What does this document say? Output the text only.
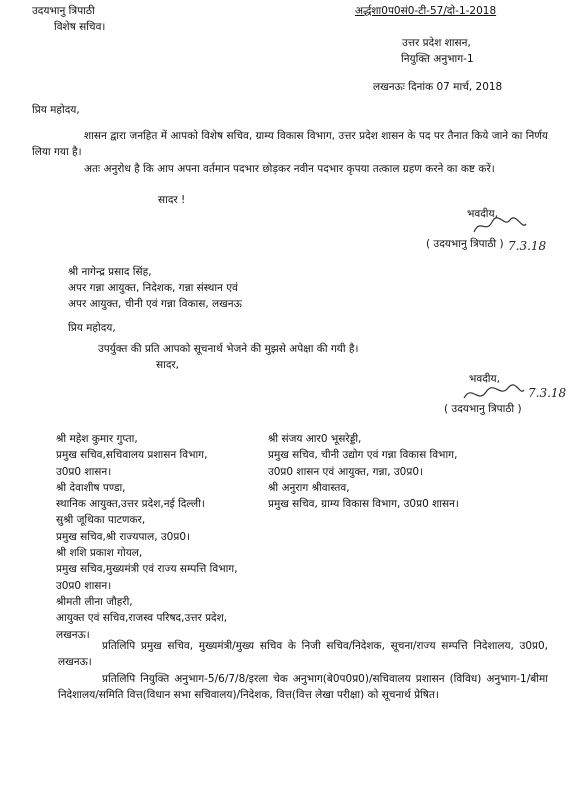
उदयभानु त्रिपाठी
विशेष सचिव।
अर्द्धशा0प0सं0-टी-57/दो-1-2018
उत्तर प्रदेश शासन,
नियुक्ति अनुभाग-1
लखनऊः दिनांक 07 मार्च, 2018
प्रिय महोदय,
शासन द्वारा जनहित में आपको विशेष सचिव, ग्राम्य विकास विभाग, उत्तर प्रदेश शासन के पद पर तैनात किये जाने का निर्णय लिया गया है।
अतः अनुरोध है कि आप अपना वर्तमान पदभार छोड़कर नवीन पदभार कृपया तत्काल ग्रहण करने का कष्ट करें।
सादर !
भवदीय,
( उदयभानु त्रिपाठी ) 7.3.18
श्री नागेन्द्र प्रसाद सिंह,
अपर गन्ना आयुक्त, निदेशक, गन्ना संस्थान एवं
अपर आयुक्त, चीनी एवं गन्ना विकास, लखनऊ
प्रिय महोदय,
उपर्युक्त की प्रति आपको सूचनार्थ भेजने की मुझसे अपेक्षा की गयी है।
सादर,
भवदीय,
( उदयभानु त्रिपाठी )
7.3.18
श्री महेश कुमार गुप्ता,
प्रमुख सचिव,सचिवालय प्रशासन विभाग,
उ0प्र0 शासन।
श्री देवाशीष पण्डा,
स्थानिक आयुक्त,उत्तर प्रदेश,नई दिल्ली।
सुश्री जूथिका पाटणकर,
प्रमुख सचिव,श्री राज्यपाल, उ0प्र0।
श्री शशि प्रकाश गोयल,
प्रमुख सचिव,मुख्यमंत्री एवं राज्य सम्पत्ति विभाग,
उ0प्र0 शासन।
श्रीमती लीना जौहरी,
आयुक्त एवं सचिव,राजस्व परिषद,उत्तर प्रदेश,
लखनऊ।
श्री संजय आर0 भूसरेड्डी,
प्रमुख सचिव, चीनी उद्योग एवं गन्ना विकास विभाग,
उ0प्र0 शासन एवं आयुक्त, गन्ना, उ0प्र0।
श्री अनुराग श्रीवास्तव,
प्रमुख सचिव, ग्राम्य विकास विभाग, उ0प्र0 शासन।
प्रतिलिपि प्रमुख सचिव, मुख्यमंत्री/मुख्य सचिव के निजी सचिव/निदेशक, सूचना/राज्य सम्पत्ति निदेशालय, उ0प्र0, लखनऊ।
प्रतिलिपि नियुक्ति अनुभाग-5/6/7/8/इरला चेक अनुभाग(बे0प0प्र0)/सचिवालय प्रशासन (विविध) अनुभाग-1/बीमा निदेशालय/समिति वित्त(विधान सभा सचिवालय)/निदेशक, वित्त(वित्त लेखा परीक्षा) को सूचनार्थ प्रेषित।
